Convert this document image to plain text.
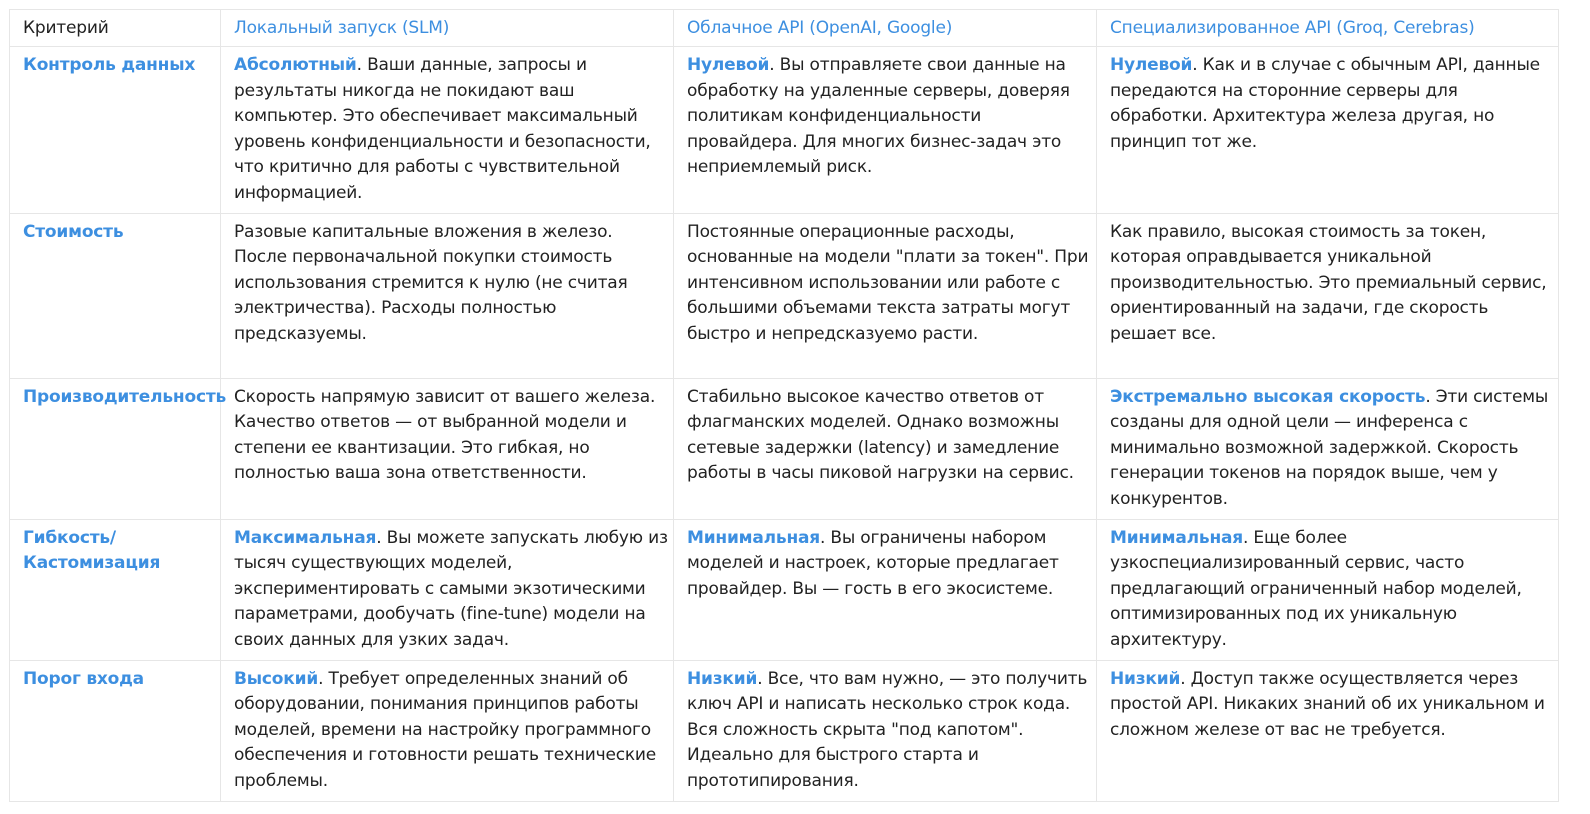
Критерий	Локальный запуск (SLM)	Облачное API (OpenAI, Google)	Специализированное API (Groq, Cerebras)
Контроль данных	Абсолютный. Ваши данные, запросы и результаты никогда не покидают ваш компьютер. Это обеспечивает максимальный уровень конфиденциальности и безопасности, что критично для работы с чувствительной информацией.	Нулевой. Вы отправляете свои данные на обработку на удаленные серверы, доверяя политикам конфиденциальности провайдера. Для многих бизнес-задач это неприемлемый риск.	Нулевой. Как и в случае с обычным API, данные передаются на сторонние серверы для обработки. Архитектура железа другая, но принцип тот же.
Стоимость	Разовые капитальные вложения в железо. После первоначальной покупки стоимость использования стремится к нулю (не считая электричества). Расходы полностью предсказуемы.	Постоянные операционные расходы, основанные на модели "плати за токен". При интенсивном использовании или работе с большими объемами текста затраты могут быстро и непредсказуемо расти.	Как правило, высокая стоимость за токен, которая оправдывается уникальной производительностью. Это премиальный сервис, ориентированный на задачи, где скорость решает все.
Производительность	Скорость напрямую зависит от вашего железа. Качество ответов — от выбранной модели и степени ее квантизации. Это гибкая, но полностью ваша зона ответственности.	Стабильно высокое качество ответов от флагманских моделей. Однако возможны сетевые задержки (latency) и замедление работы в часы пиковой нагрузки на сервис.	Экстремально высокая скорость. Эти системы созданы для одной цели — инференса с минимально возможной задержкой. Скорость генерации токенов на порядок выше, чем у конкурентов.
Гибкость/ Кастомизация	Максимальная. Вы можете запускать любую из тысяч существующих моделей, экспериментировать с самыми экзотическими параметрами, дообучать (fine-tune) модели на своих данных для узких задач.	Минимальная. Вы ограничены набором моделей и настроек, которые предлагает провайдер. Вы — гость в его экосистеме.	Минимальная. Еще более узкоспециализированный сервис, часто предлагающий ограниченный набор моделей, оптимизированных под их уникальную архитектуру.
Порог входа	Высокий. Требует определенных знаний об оборудовании, понимания принципов работы моделей, времени на настройку программного обеспечения и готовности решать технические проблемы.	Низкий. Все, что вам нужно, — это получить ключ API и написать несколько строк кода. Вся сложность скрыта "под капотом". Идеально для быстрого старта и прототипирования.	Низкий. Доступ также осуществляется через простой API. Никаких знаний об их уникальном и сложном железе от вас не требуется.
